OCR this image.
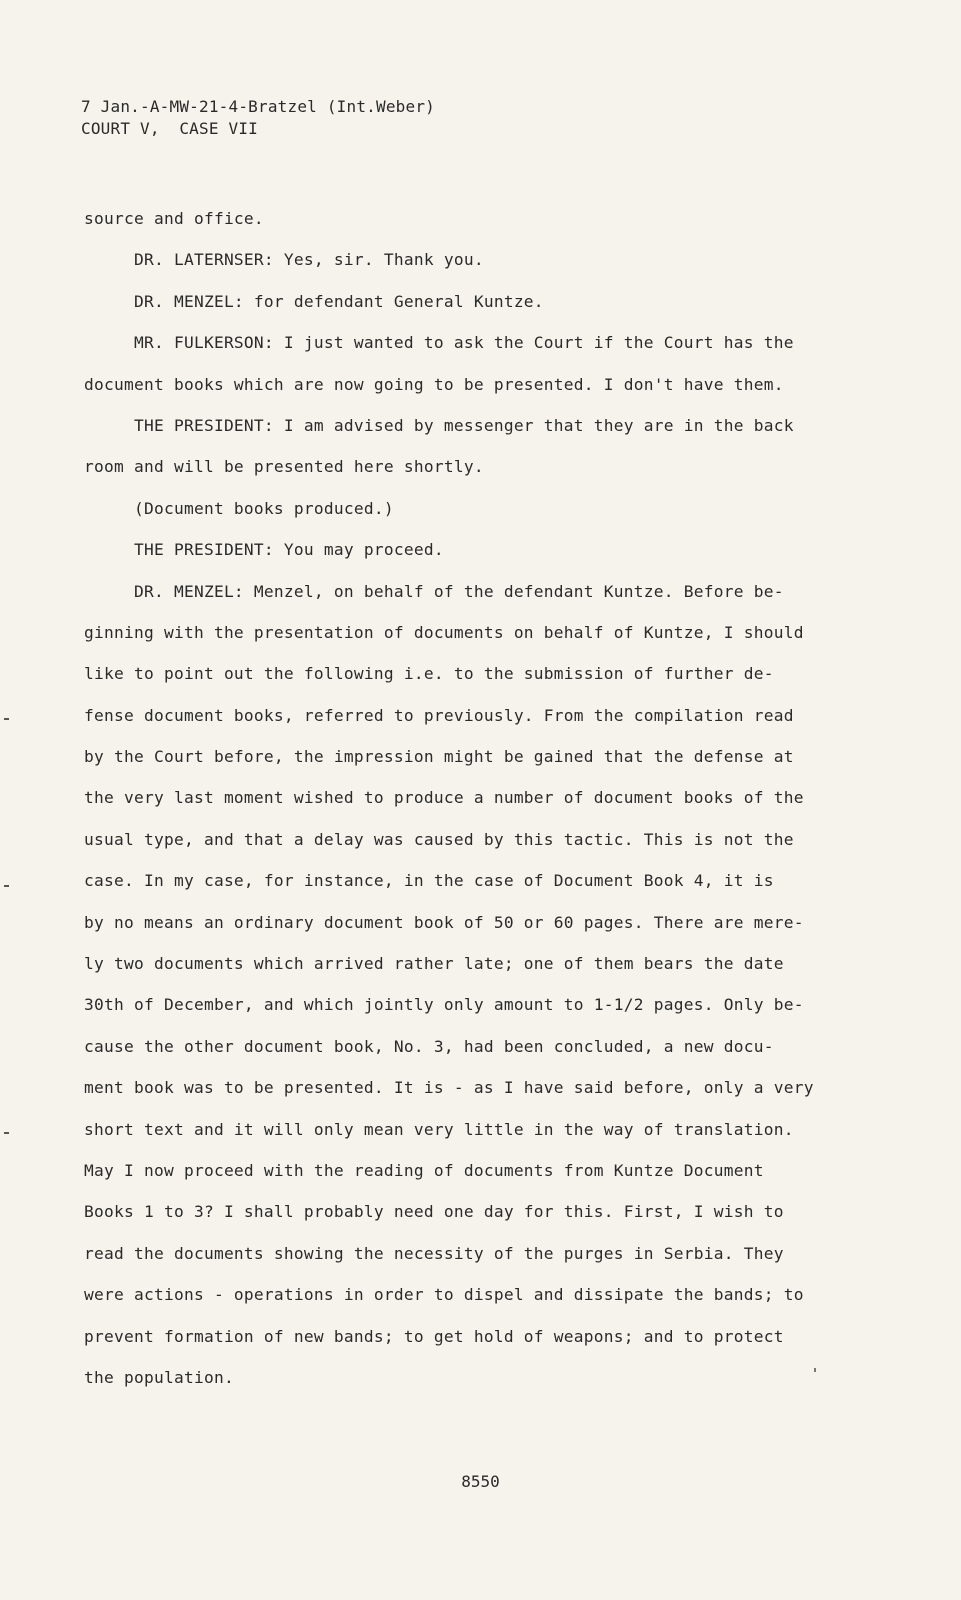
7 Jan.-A-MW-21-4-Bratzel (Int.Weber)
COURT V,  CASE VII
source and office.
DR. LATERNSER: Yes, sir. Thank you.
DR. MENZEL: for defendant General Kuntze.
MR. FULKERSON: I just wanted to ask the Court if the Court has the
document books which are now going to be presented. I don't have them.
THE PRESIDENT: I am advised by messenger that they are in the back
room and will be presented here shortly.
(Document books produced.)
THE PRESIDENT: You may proceed.
DR. MENZEL: Menzel, on behalf of the defendant Kuntze. Before be-
ginning with the presentation of documents on behalf of Kuntze, I should
like to point out the following i.e. to the submission of further de-
fense document books, referred to previously. From the compilation read
by the Court before, the impression might be gained that the defense at
the very last moment wished to produce a number of document books of the
usual type, and that a delay was caused by this tactic. This is not the
case. In my case, for instance, in the case of Document Book 4, it is
by no means an ordinary document book of 50 or 60 pages. There are mere-
ly two documents which arrived rather late; one of them bears the date
30th of December, and which jointly only amount to 1-1/2 pages. Only be-
cause the other document book, No. 3, had been concluded, a new docu-
ment book was to be presented. It is - as I have said before, only a very
short text and it will only mean very little in the way of translation.
May I now proceed with the reading of documents from Kuntze Document
Books 1 to 3? I shall probably need one day for this. First, I wish to
read the documents showing the necessity of the purges in Serbia. They
were actions - operations in order to dispel and dissipate the bands; to
prevent formation of new bands; to get hold of weapons; and to protect
the population.
8550
